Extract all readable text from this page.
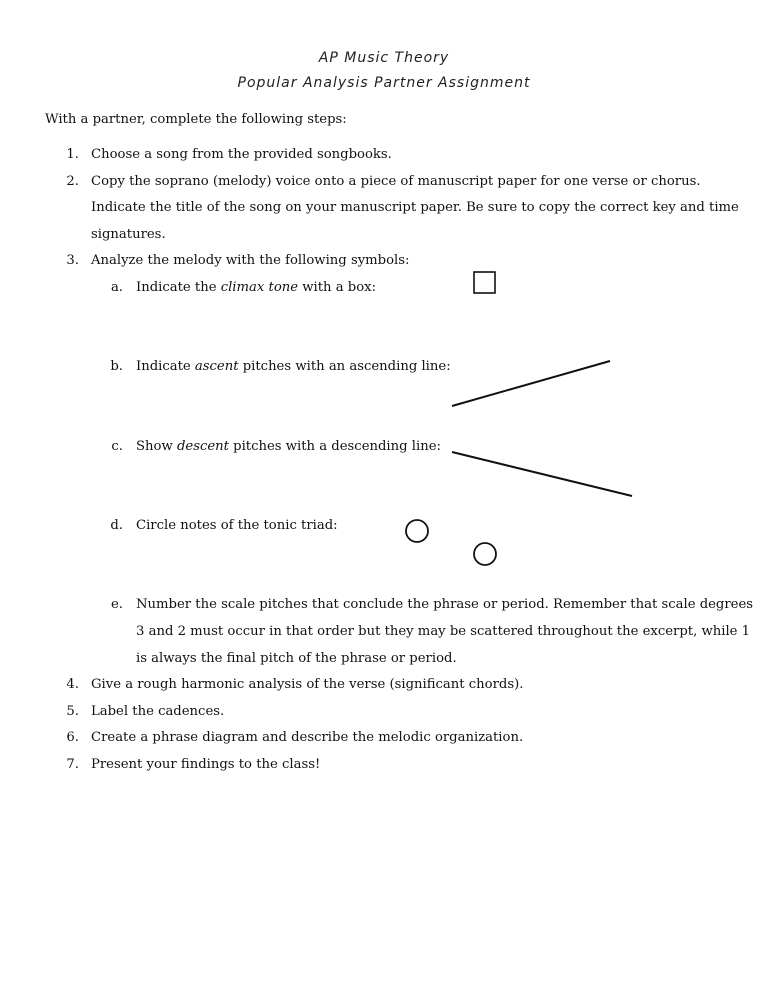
AP Music Theory
Popular Analysis Partner Assignment
With a partner, complete the following steps:
1. Choose a song from the provided songbooks.
2. Copy the soprano (melody) voice onto a piece of manuscript paper for one verse or chorus.
Indicate the title of the song on your manuscript paper. Be sure to copy the correct key and time
signatures.
3. Analyze the melody with the following symbols:
a. Indicate the climax tone with a box:
b. Indicate ascent pitches with an ascending line:
c. Show descent pitches with a descending line:
d. Circle notes of the tonic triad:
e. Number the scale pitches that conclude the phrase or period. Remember that scale degrees
3 and 2 must occur in that order but they may be scattered throughout the excerpt, while 1
is always the final pitch of the phrase or period.
4. Give a rough harmonic analysis of the verse (significant chords).
5. Label the cadences.
6. Create a phrase diagram and describe the melodic organization.
7. Present your findings to the class!
